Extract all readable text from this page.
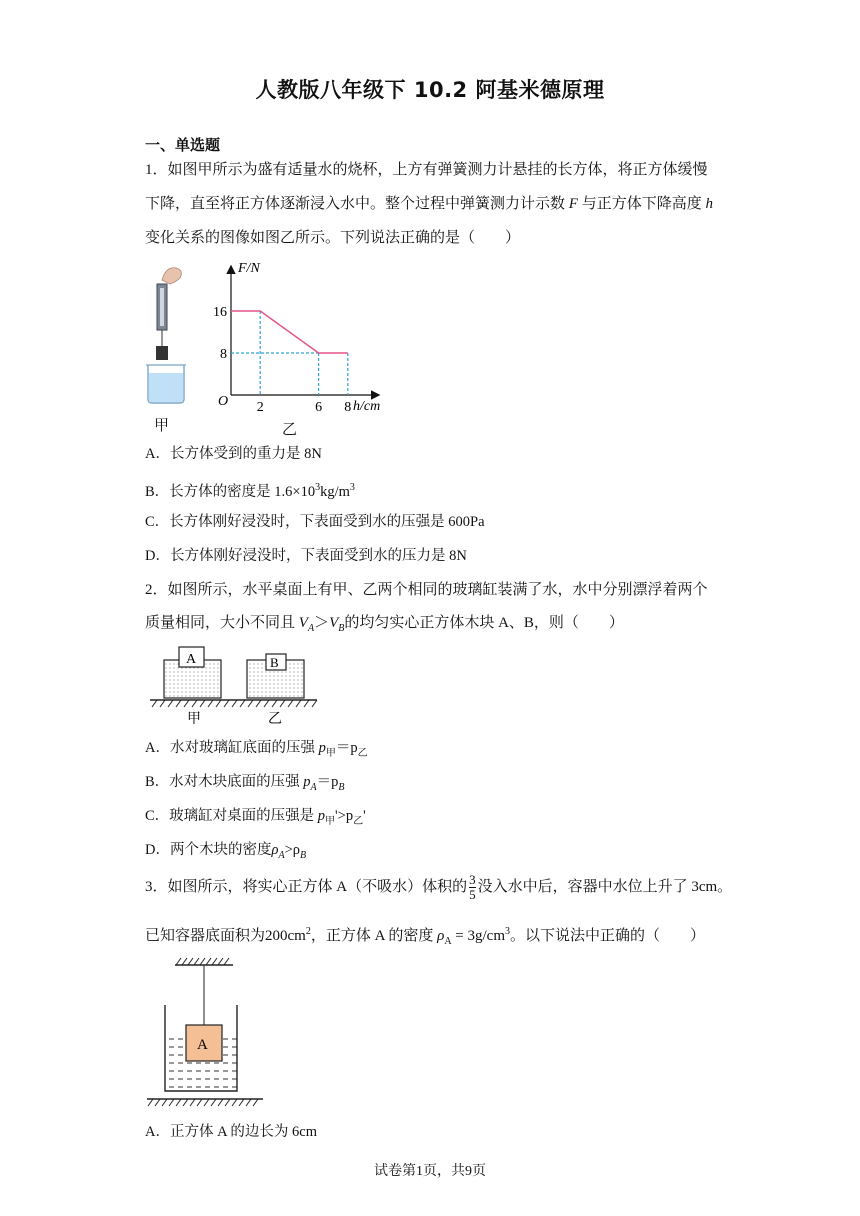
人教版八年级下 10.2 阿基米德原理
一、单选题
1．如图甲所示为盛有适量水的烧杯，上方有弹簧测力计悬挂的长方体，将正方体缓慢
下降，直至将正方体逐渐浸入水中。整个过程中弹簧测力计示数 F 与正方体下降高度 h
变化关系的图像如图乙所示。下列说法正确的是（　　）
甲
16
8
2	6 8
F/N
h/cm
O
乙
A．长方体受到的重力是 8N
B．长方体的密度是 $1.6\times 10^3kg/m^3$
C．长方体刚好浸没时，下表面受到水的压强是 600Pa
D．长方体刚好浸没时，下表面受到水的压力是 8N
2．如图所示，水平桌面上有甲、乙两个相同的玻璃缸装满了水，水中分别漂浮着两个
质量相同，大小不同且 $V_A>V_B$的均匀实心正方体木块 A、B，则（　　）
A	B
甲	乙
A．水对玻璃缸底面的压强 $p_甲=p_乙$
B．水对木块底面的压强 $p_A=p_B$
C．玻璃缸对桌面的压强是 $p_甲'>p_乙'$
D．两个木块的密度$\rho_A>\rho_B$
3．如图所示，将实心正方体 A（不吸水）体积的 $\frac{3}{5}$ 没入水中后，容器中水位上升了 3cm。
已知容器底面积为$200cm^2$，正方体 A 的密度 $\rho_A = 3g/cm^3$。以下说法中正确的（　　）
A
A．正方体 A 的边长为 6cm
试卷第1页，共9页
